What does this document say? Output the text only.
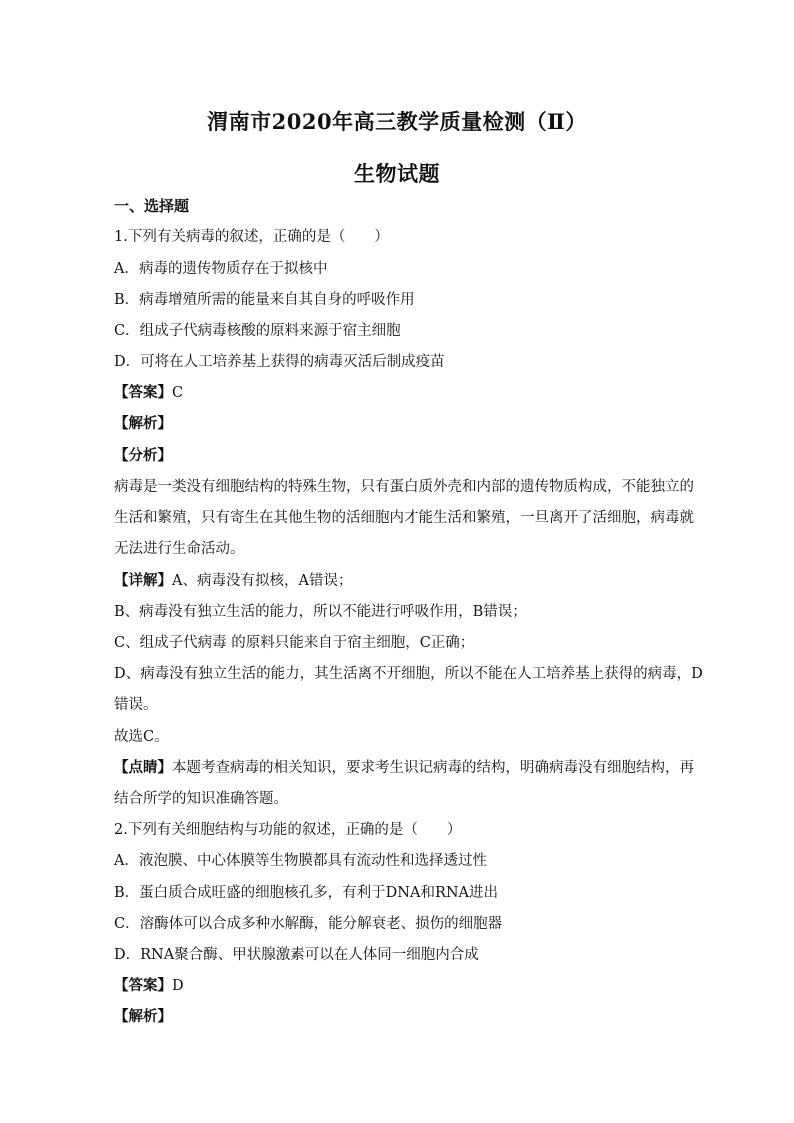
渭南市2020年高三教学质量检测（Ⅱ）
生物试题
一、选择题
1.下列有关病毒的叙述，正确的是（　　）
A．病毒的遗传物质存在于拟核中
B．病毒增殖所需的能量来自其自身的呼吸作用
C．组成子代病毒核酸的原料来源于宿主细胞
D．可将在人工培养基上获得的病毒灭活后制成疫苗
【答案】C
【解析】
【分析】
病毒是一类没有细胞结构的特殊生物，只有蛋白质外壳和内部的遗传物质构成，不能独立的
生活和繁殖，只有寄生在其他生物的活细胞内才能生活和繁殖，一旦离开了活细胞，病毒就
无法进行生命活动。
【详解】A、病毒没有拟核，A错误；
B、病毒没有独立生活的能力，所以不能进行呼吸作用，B错误；
C、组成子代病毒 的原料只能来自于宿主细胞，C正确；
D、病毒没有独立生活的能力，其生活离不开细胞，所以不能在人工培养基上获得的病毒，D
错误。
故选C。
【点睛】本题考查病毒的相关知识，要求考生识记病毒的结构，明确病毒没有细胞结构，再
结合所学的知识准确答题。
2.下列有关细胞结构与功能的叙述，正确的是（　　）
A．液泡膜、中心体膜等生物膜都具有流动性和选择透过性
B．蛋白质合成旺盛的细胞核孔多，有利于DNA和RNA进出
C．溶酶体可以合成多种水解酶，能分解衰老、损伤的细胞器
D．RNA聚合酶、甲状腺激素可以在人体同一细胞内合成
【答案】D
【解析】
